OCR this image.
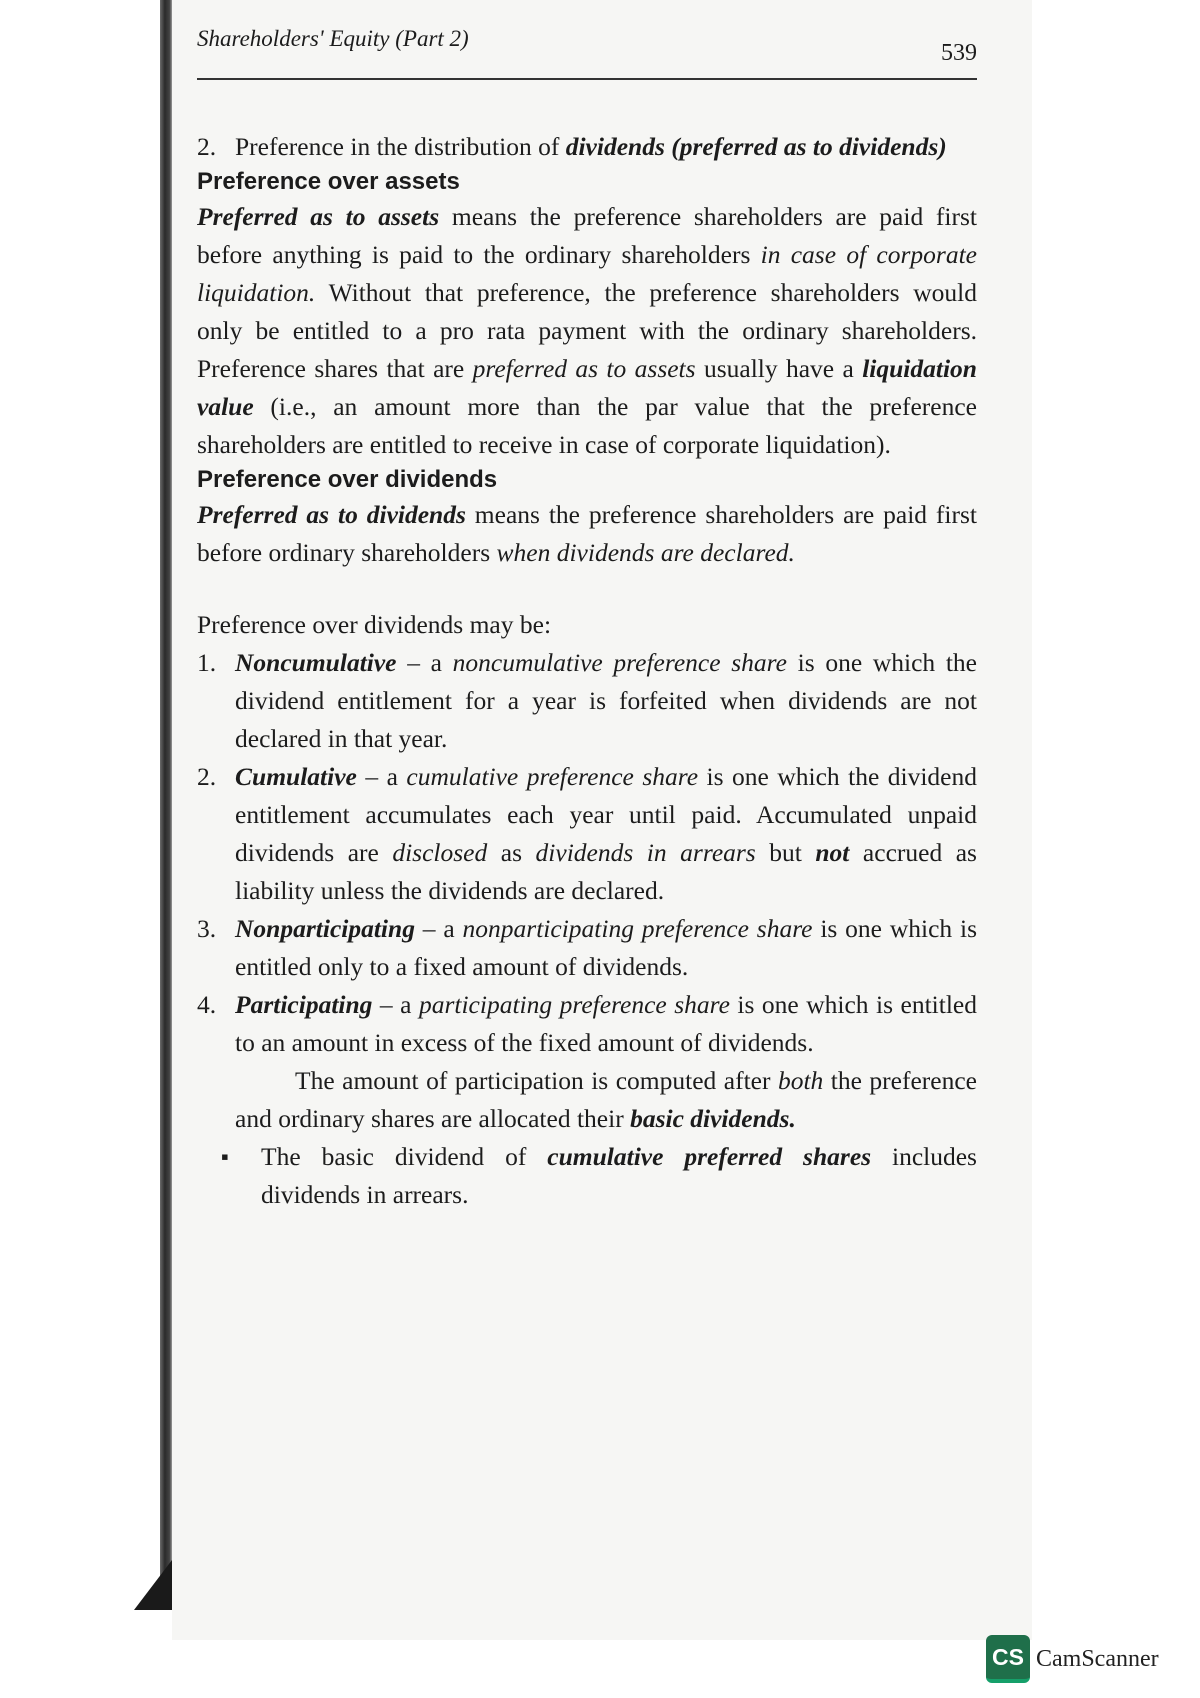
Shareholders' Equity (Part 2)
539
2. Preference in the distribution of dividends (preferred as to dividends)
Preference over assets

Preferred as to assets means the preference shareholders are paid first before anything is paid to the ordinary shareholders in case of corporate liquidation. Without that preference, the preference shareholders would only be entitled to a pro rata payment with the ordinary shareholders. Preference shares that are preferred as to assets usually have a liquidation value (i.e., an amount more than the par value that the preference shareholders are entitled to receive in case of corporate liquidation).

Preference over dividends

Preferred as to dividends means the preference shareholders are paid first before ordinary shareholders when dividends are declared.

Preference over dividends may be:

1. Noncumulative – a noncumulative preference share is one which the dividend entitlement for a year is forfeited when dividends are not declared in that year.
2. Cumulative – a cumulative preference share is one which the dividend entitlement accumulates each year until paid. Accumulated unpaid dividends are disclosed as dividends in arrears but not accrued as liability unless the dividends are declared.
3. Nonparticipating – a nonparticipating preference share is one which is entitled only to a fixed amount of dividends.
4. Participating – a participating preference share is one which is entitled to an amount in excess of the fixed amount of dividends.

The amount of participation is computed after both the preference and ordinary shares are allocated their basic dividends.

▪	The basic dividend of cumulative preferred shares includes dividends in arrears.
CS CamScanner
